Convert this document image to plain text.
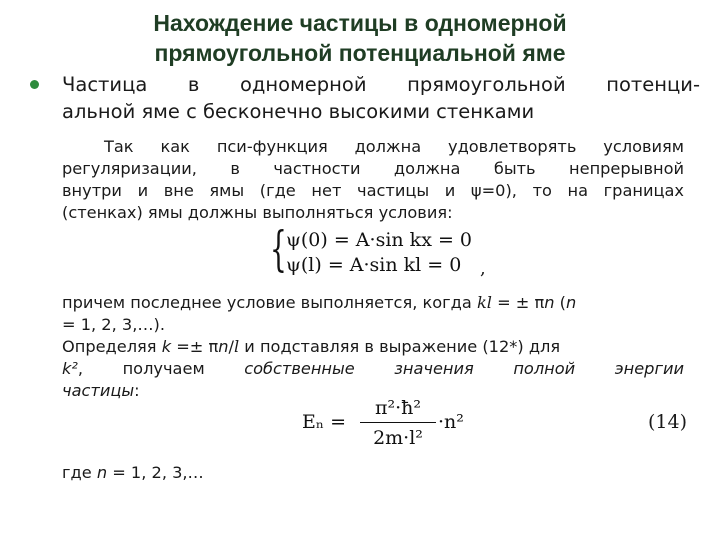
Нахождение частицы в одномерной
прямоугольной потенциальной яме
Частица в одномерной прямоугольной потенци-
альной яме с бесконечно высокими стенками
Так как пси-функция должна удовлетворять условиям
регуляризации, в частности должна быть непрерывной
внутри и вне ямы (где нет частицы и ψ=0), то на границах
(стенках) ямы должны выполняться условия:
{ ψ(0) = A·sin kx = 0
ψ(l) = A·sin kl = 0 ,
причем последнее условие выполняется, когда kl = ± πn (n
= 1, 2, 3,…).
Определяя k =± πn/l и подставляя в выражение (12*) для
k², получаем собственные значения полной энергии
частицы:
Eₙ =
π²·ħ²
2m·l²
·n²	(14)
где n = 1, 2, 3,…
